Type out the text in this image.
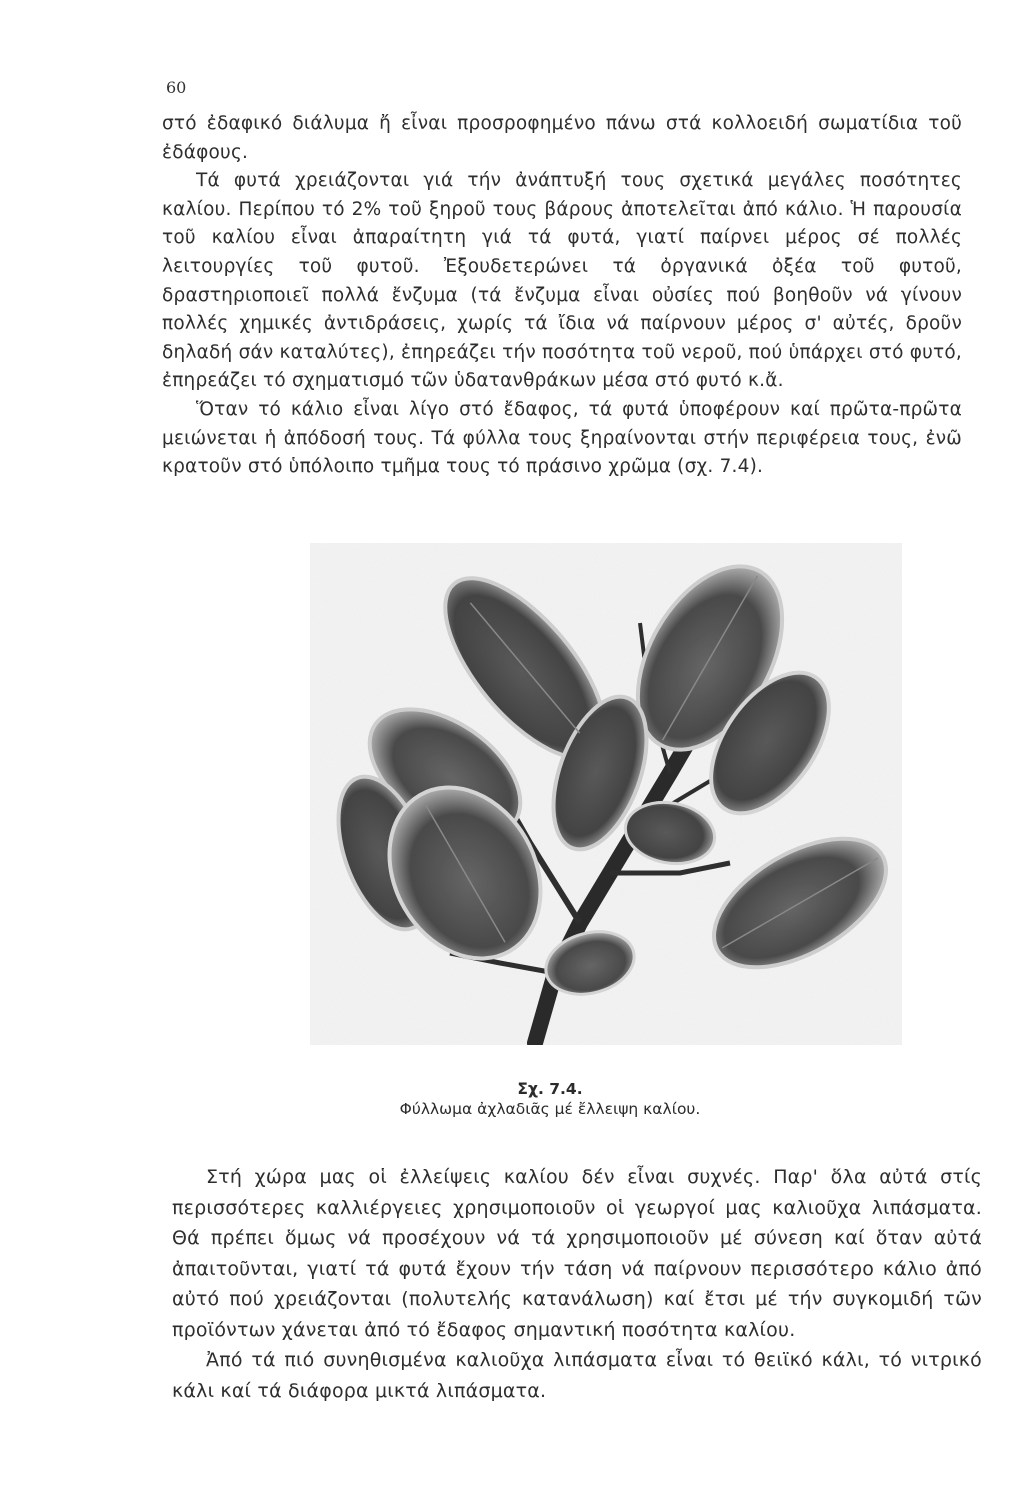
60

στό ἐδαφικό διάλυμα ἤ εἶναι προσροφημένο πάνω στά κολλοειδή σωματίδια τοῦ ἐδάφους.

Τά φυτά χρειάζονται γιά τήν ἀνάπτυξή τους σχετικά μεγάλες ποσότητες καλίου. Περίπου τό 2% τοῦ ξηροῦ τους βάρους ἀποτελεῖται ἀπό κάλιο. Ἡ παρουσία τοῦ καλίου εἶναι ἀπαραίτητη γιά τά φυτά, γιατί παίρνει μέρος σέ πολλές λειτουργίες τοῦ φυτοῦ. Ἐξουδετερώνει τά ὀργανικά ὀξέα τοῦ φυτοῦ, δραστηριοποιεῖ πολλά ἔνζυμα (τά ἔνζυμα εἶναι οὐσίες πού βοηθοῦν νά γίνουν πολλές χημικές ἀντιδράσεις, χωρίς τά ἴδια νά παίρνουν μέρος σ' αὐτές, δροῦν δηλαδή σάν καταλύτες), ἐπηρεάζει τήν ποσότητα τοῦ νεροῦ, πού ὑπάρχει στό φυτό, ἐπηρεάζει τό σχηματισμό τῶν ὑδατανθράκων μέσα στό φυτό κ.ἄ.

Ὅταν τό κάλιο εἶναι λίγο στό ἔδαφος, τά φυτά ὑποφέρουν καί πρῶτα-πρῶτα μειώνεται ἡ ἀπόδοσή τους. Τά φύλλα τους ξηραίνονται στήν περιφέρεια τους, ἐνῶ κρατοῦν στό ὑπόλοιπο τμῆμα τους τό πράσινο χρῶμα (σχ. 7.4).

Σχ. 7.4.
Φύλλωμα ἀχλαδιᾶς μέ ἔλλειψη καλίου.

Στή χώρα μας οἱ ἐλλείψεις καλίου δέν εἶναι συχνές. Παρ' ὅλα αὐτά στίς περισσότερες καλλιέργειες χρησιμοποιοῦν οἱ γεωργοί μας καλιοῦχα λιπάσματα. Θά πρέπει ὅμως νά προσέχουν νά τά χρησιμοποιοῦν μέ σύνεση καί ὅταν αὐτά ἀπαιτοῦνται, γιατί τά φυτά ἔχουν τήν τάση νά παίρνουν περισσότερο κάλιο ἀπό αὐτό πού χρειάζονται (πολυτελής κατανάλωση) καί ἔτσι μέ τήν συγκομιδή τῶν προϊόντων χάνεται ἀπό τό ἔδαφος σημαντική ποσότητα καλίου.

Ἀπό τά πιό συνηθισμένα καλιοῦχα λιπάσματα εἶναι τό θειϊκό κάλι, τό νιτρικό κάλι καί τά διάφορα μικτά λιπάσματα.
